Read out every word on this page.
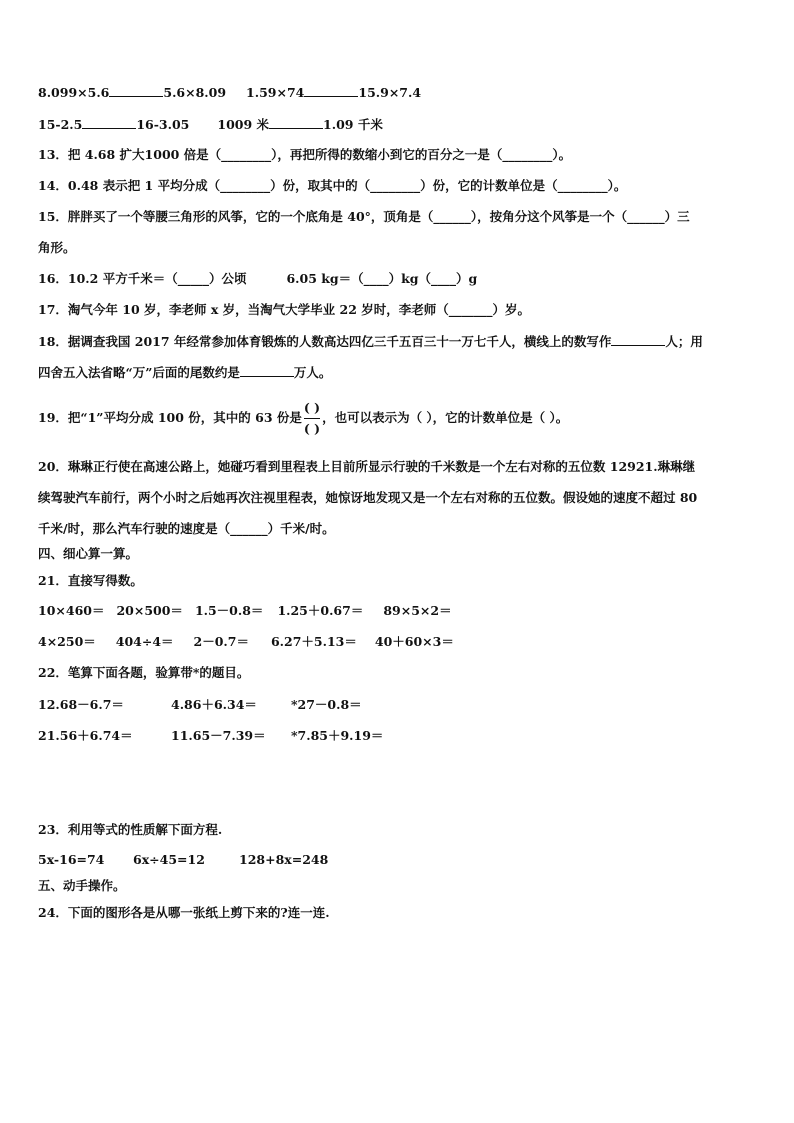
8.099×5.6	5.6×8.09 1.59×74	15.9×7.4
15-2.5	16-3.05 1009 米	1.09 千米
13．把 4.68 扩大1000 倍是（________），再把所得的数缩小到它的百分之一是（________）。
14．0.48 表示把 1 平均分成（________）份，取其中的（________）份，它的计数单位是（________）。
15．胖胖买了一个等腰三角形的风筝，它的一个底角是 40°，顶角是（______），按角分这个风筝是一个（______）三
角形。
16．10.2 平方千米＝（_____）公顷	6.05 kg＝（____）kg（____）g
17．淘气今年 10 岁，李老师 x 岁，当淘气大学毕业 22 岁时，李老师（_______）岁。
18．据调查我国 2017 年经常参加体育锻炼的人数高达四亿三千五百三十一万七千人，横线上的数写作	人；用
四舍五入法省略“万”后面的尾数约是	万人。
19．把“1”平均分成 100 份，其中的 63 份是 $\frac{( )}{( )}$ ，也可以表示为（ ），它的计数单位是（ ）。
20．琳琳正行使在高速公路上，她碰巧看到里程表上目前所显示行驶的千米数是一个左右对称的五位数 12921.琳琳继
续驾驶汽车前行，两个小时之后她再次注视里程表，她惊讶地发现又是一个左右对称的五位数。假设她的速度不超过 80
千米/时，那么汽车行驶的速度是（______）千米/时。
四、细心算一算。
21．直接写得数。
10×460＝ 20×500＝ 1.5－0.8＝ 1.25＋0.67＝ 89×5×2＝
4×250＝ 404÷4＝ 2－0.7＝ 6.27＋5.13＝ 40＋60×3＝
22．笔算下面各题，验算带*的题目。
12.68－6.7＝	4.86＋6.34＝	*27－0.8＝
21.56＋6.74＝	11.65－7.39＝ *7.85＋9.19＝
23．利用等式的性质解下面方程.
5x-16=74 6x÷45=12	128+8x=248
五、动手操作。
24．下面的图形各是从哪一张纸上剪下来的?连一连.
